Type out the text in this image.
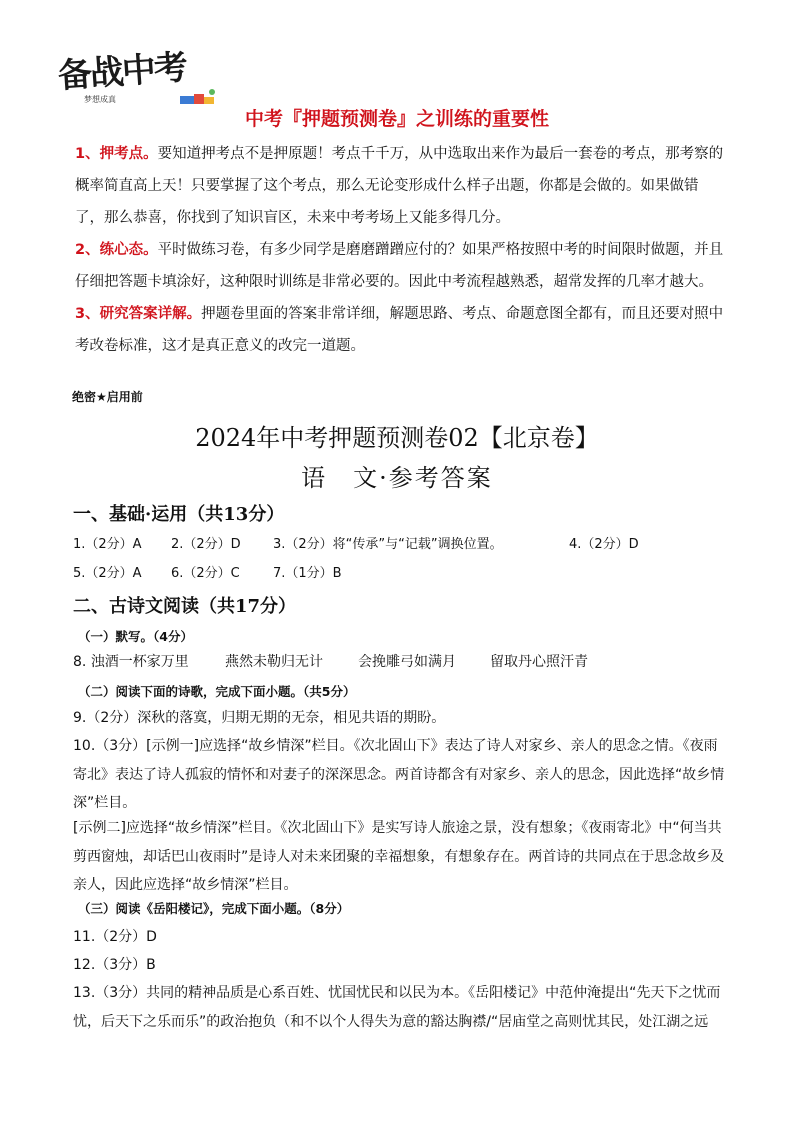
备战中考
梦想成真
中考『押题预测卷』之训练的重要性

1、押考点。要知道押考点不是押原题！考点千千万，从中选取出来作为最后一套卷的考点，那考察的概率简直高上天！只要掌握了这个考点，那么无论变形成什么样子出题，你都是会做的。如果做错了，那么恭喜，你找到了知识盲区，未来中考考场上又能多得几分。

2、练心态。平时做练习卷，有多少同学是磨磨蹭蹭应付的？如果严格按照中考的时间限时做题，并且仔细把答题卡填涂好，这种限时训练是非常必要的。因此中考流程越熟悉，超常发挥的几率才越大。

3、研究答案详解。押题卷里面的答案非常详细，解题思路、考点、命题意图全都有，而且还要对照中考改卷标准，这才是真正意义的改完一道题。

绝密★启用前
2024年中考押题预测卷02【北京卷】
语　文·参考答案
一、基础·运用（共13分）
1.（2分）A 2.（2分）D 3.（2分）将“传承”与“记载”调换位置。	4.（2分）D
5.（2分）A 6.（2分）C	7.（1分）B
二、古诗文阅读（共17分）
（一）默写。（4分）
8. 浊酒一杯家万里	燕然未勒归无计	会挽雕弓如满月 留取丹心照汗青
（二）阅读下面的诗歌，完成下面小题。（共5分）

9.（2分）深秋的落寞，归期无期的无奈，相见共语的期盼。

10.（3分）[示例一]应选择“故乡情深”栏目。《次北固山下》表达了诗人对家乡、亲人的思念之情。《夜雨寄北》表达了诗人孤寂的情怀和对妻子的深深思念。两首诗都含有对家乡、亲人的思念，因此选择“故乡情深”栏目。

[示例二]应选择“故乡情深”栏目。《次北固山下》是实写诗人旅途之景，没有想象；《夜雨寄北》中“何当共剪西窗烛，却话巴山夜雨时”是诗人对未来团聚的幸福想象，有想象存在。两首诗的共同点在于思念故乡及亲人，因此应选择“故乡情深”栏目。

（三）阅读《岳阳楼记》，完成下面小题。（8分）

11.（2分）D

12.（3分）B

13.（3分）共同的精神品质是心系百姓、忧国忧民和以民为本。《岳阳楼记》中范仲淹提出“先天下之忧而忧，后天下之乐而乐”的政治抱负（和不以个人得失为意的豁达胸襟/“居庙堂之高则忧其民，处江湖之远
